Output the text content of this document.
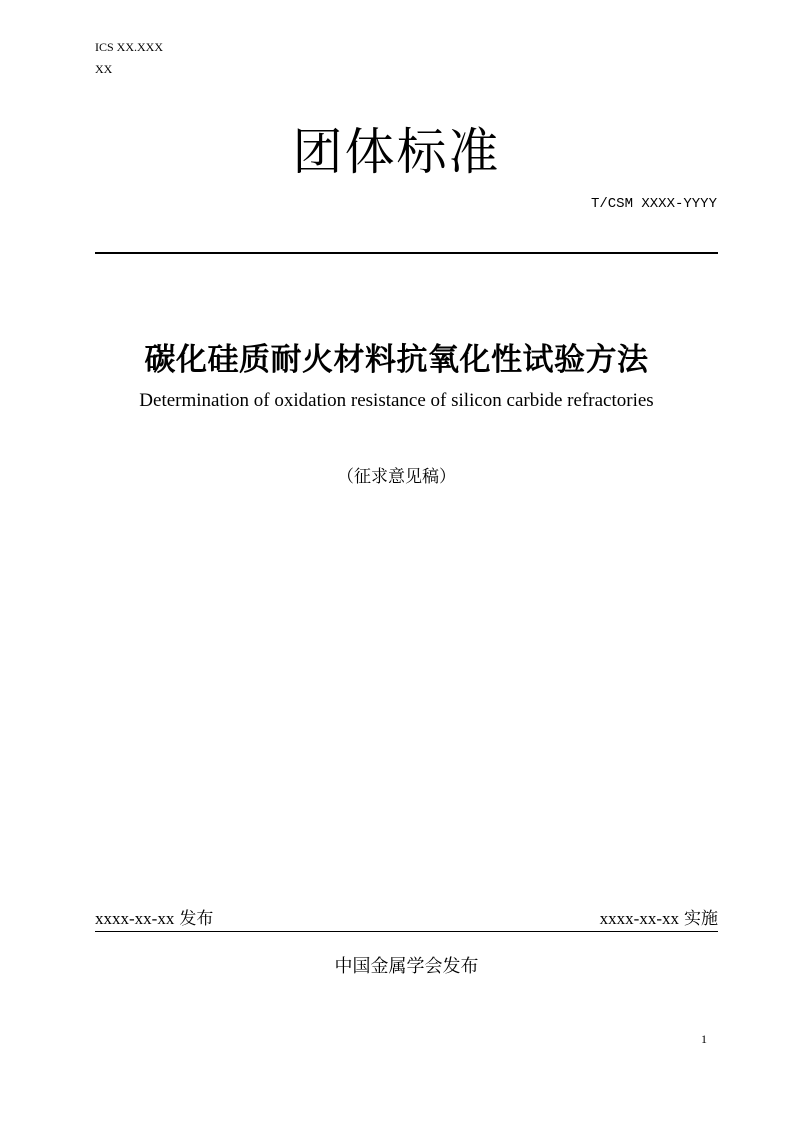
ICS XX.XXX
XX
团体标准
T/CSM XXXX-YYYY
碳化硅质耐火材料抗氧化性试验方法
Determination of oxidation resistance of silicon carbide refractories
（征求意见稿）
xxxx-xx-xx 发布	xxxx-xx-xx 实施
中国金属学会发布
1
